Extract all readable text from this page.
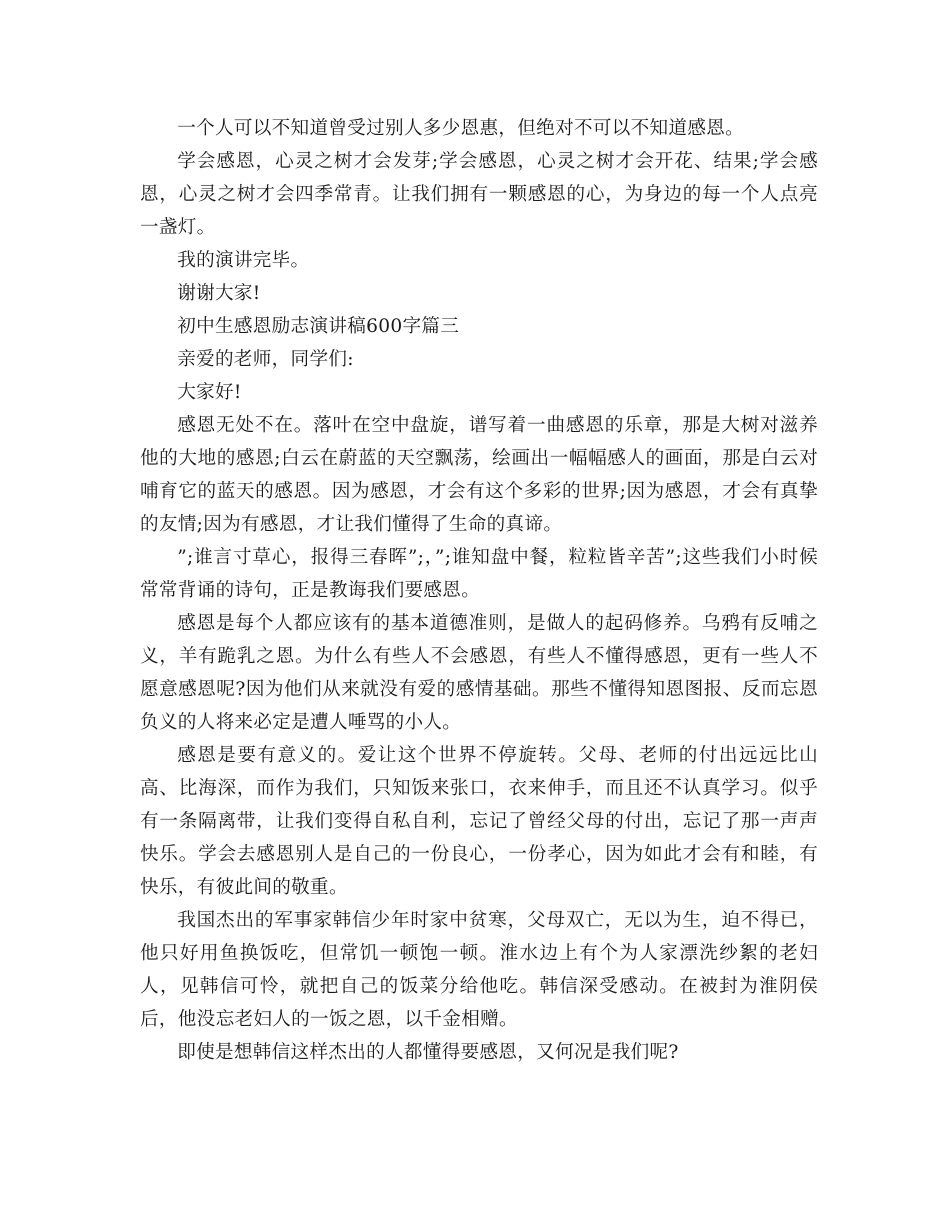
一个人可以不知道曾受过别人多少恩惠，但绝对不可以不知道感恩。

学会感恩，心灵之树才会发芽;学会感恩，心灵之树才会开花、结果;学会感恩，心灵之树才会四季常青。让我们拥有一颗感恩的心，为身边的每一个人点亮一盏灯。

我的演讲完毕。

谢谢大家!

初中生感恩励志演讲稿600字篇三

亲爱的老师，同学们:

大家好!

感恩无处不在。落叶在空中盘旋，谱写着一曲感恩的乐章，那是大树对滋养他的大地的感恩;白云在蔚蓝的天空飘荡，绘画出一幅幅感人的画面，那是白云对哺育它的蓝天的感恩。因为感恩，才会有这个多彩的世界;因为感恩，才会有真挚的友情;因为有感恩，才让我们懂得了生命的真谛。

”;谁言寸草心，报得三春晖”;，”;谁知盘中餐，粒粒皆辛苦”;这些我们小时候常常背诵的诗句，正是教诲我们要感恩。

感恩是每个人都应该有的基本道德准则，是做人的起码修养。乌鸦有反哺之义，羊有跪乳之恩。为什么有些人不会感恩，有些人不懂得感恩，更有一些人不愿意感恩呢?因为他们从来就没有爱的感情基础。那些不懂得知恩图报、反而忘恩负义的人将来必定是遭人唾骂的小人。

感恩是要有意义的。爱让这个世界不停旋转。父母、老师的付出远远比山高、比海深，而作为我们，只知饭来张口，衣来伸手，而且还不认真学习。似乎有一条隔离带，让我们变得自私自利，忘记了曾经父母的付出，忘记了那一声声快乐。学会去感恩别人是自己的一份良心，一份孝心，因为如此才会有和睦，有快乐，有彼此间的敬重。

我国杰出的军事家韩信少年时家中贫寒，父母双亡，无以为生，迫不得已，他只好用鱼换饭吃，但常饥一顿饱一顿。淮水边上有个为人家漂洗纱絮的老妇人，见韩信可怜，就把自己的饭菜分给他吃。韩信深受感动。在被封为淮阴侯后，他没忘老妇人的一饭之恩，以千金相赠。

即使是想韩信这样杰出的人都懂得要感恩，又何况是我们呢?
